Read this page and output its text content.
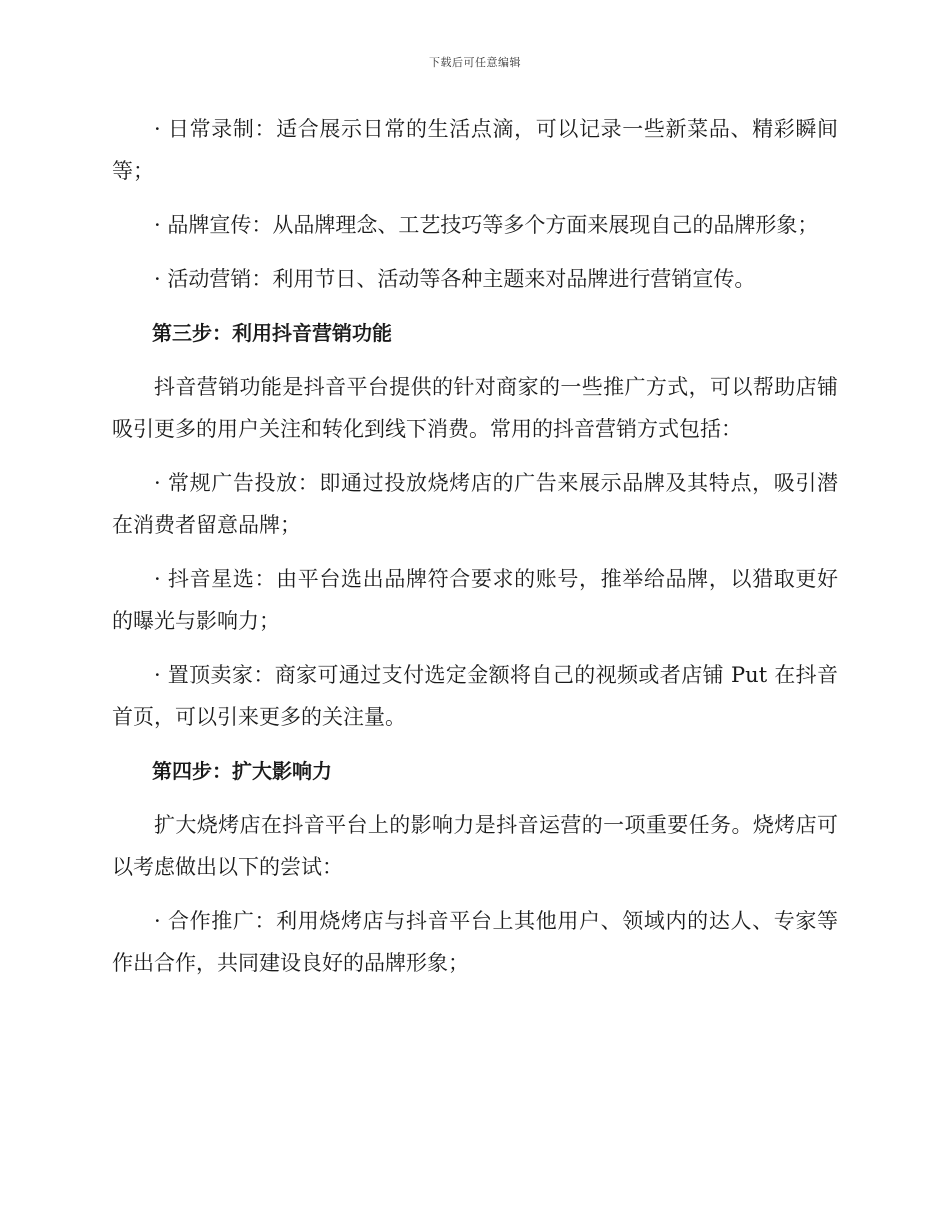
下载后可任意编辑

· 日常录制：适合展示日常的生活点滴，可以记录一些新菜品、精彩瞬间等；

· 品牌宣传：从品牌理念、工艺技巧等多个方面来展现自己的品牌形象；

· 活动营销：利用节日、活动等各种主题来对品牌进行营销宣传。

第三步：利用抖音营销功能

抖音营销功能是抖音平台提供的针对商家的一些推广方式，可以帮助店铺吸引更多的用户关注和转化到线下消费。常用的抖音营销方式包括：

· 常规广告投放：即通过投放烧烤店的广告来展示品牌及其特点，吸引潜在消费者留意品牌；

· 抖音星选：由平台选出品牌符合要求的账号，推举给品牌，以猎取更好的曝光与影响力；

· 置顶卖家：商家可通过支付选定金额将自己的视频或者店铺 Put 在抖音首页，可以引来更多的关注量。

第四步：扩大影响力

扩大烧烤店在抖音平台上的影响力是抖音运营的一项重要任务。烧烤店可以考虑做出以下的尝试：

· 合作推广：利用烧烤店与抖音平台上其他用户、领域内的达人、专家等作出合作，共同建设良好的品牌形象；
